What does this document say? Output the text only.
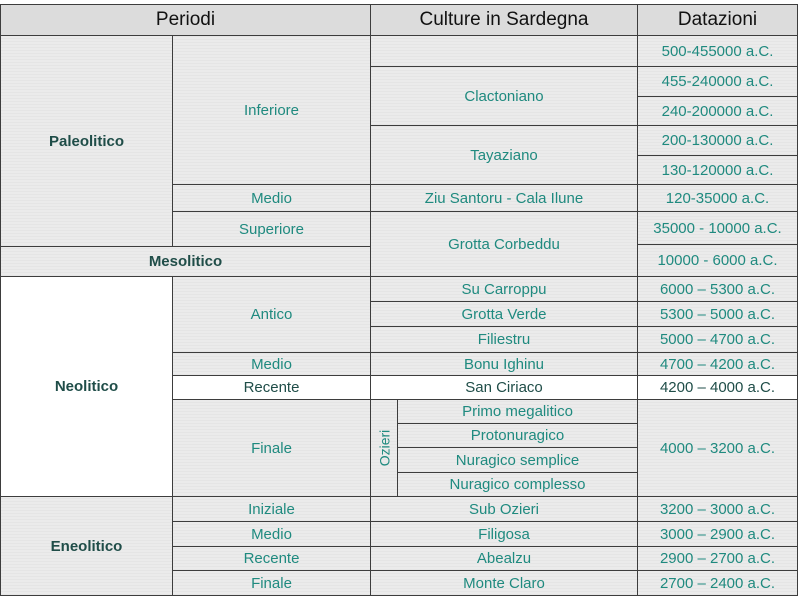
Periodi	Culture in Sardegna	Datazioni
Paleolitico
Mesolitico
Neolitico
Eneolitico
Inferiore
Medio
Superiore
Antico
Medio
Recente
Finale
Iniziale
Medio
Recente
Finale
Clactoniano
Tayaziano
Ziu Santoru - Cala Ilune
Grotta Corbeddu
Su Carroppu
Grotta Verde
Filiestru
Bonu Ighinu
San Ciriaco
Ozieri
Primo megalitico
Protonuragico
Nuragico semplice
Nuragico complesso
Sub Ozieri
Filigosa
Abealzu
Monte Claro
500-455000 a.C.
455-240000 a.C.
240-200000 a.C.
200-130000 a.C.
130-120000 a.C.
120-35000 a.C.
35000 - 10000 a.C.
10000 - 6000 a.C.
6000 – 5300 a.C.
5300 – 5000 a.C.
5000 – 4700 a.C.
4700 – 4200 a.C.
4200 – 4000 a.C.
4000 – 3200 a.C.
3200 – 3000 a.C.
3000 – 2900 a.C.
2900 – 2700 a.C.
2700 – 2400 a.C.
